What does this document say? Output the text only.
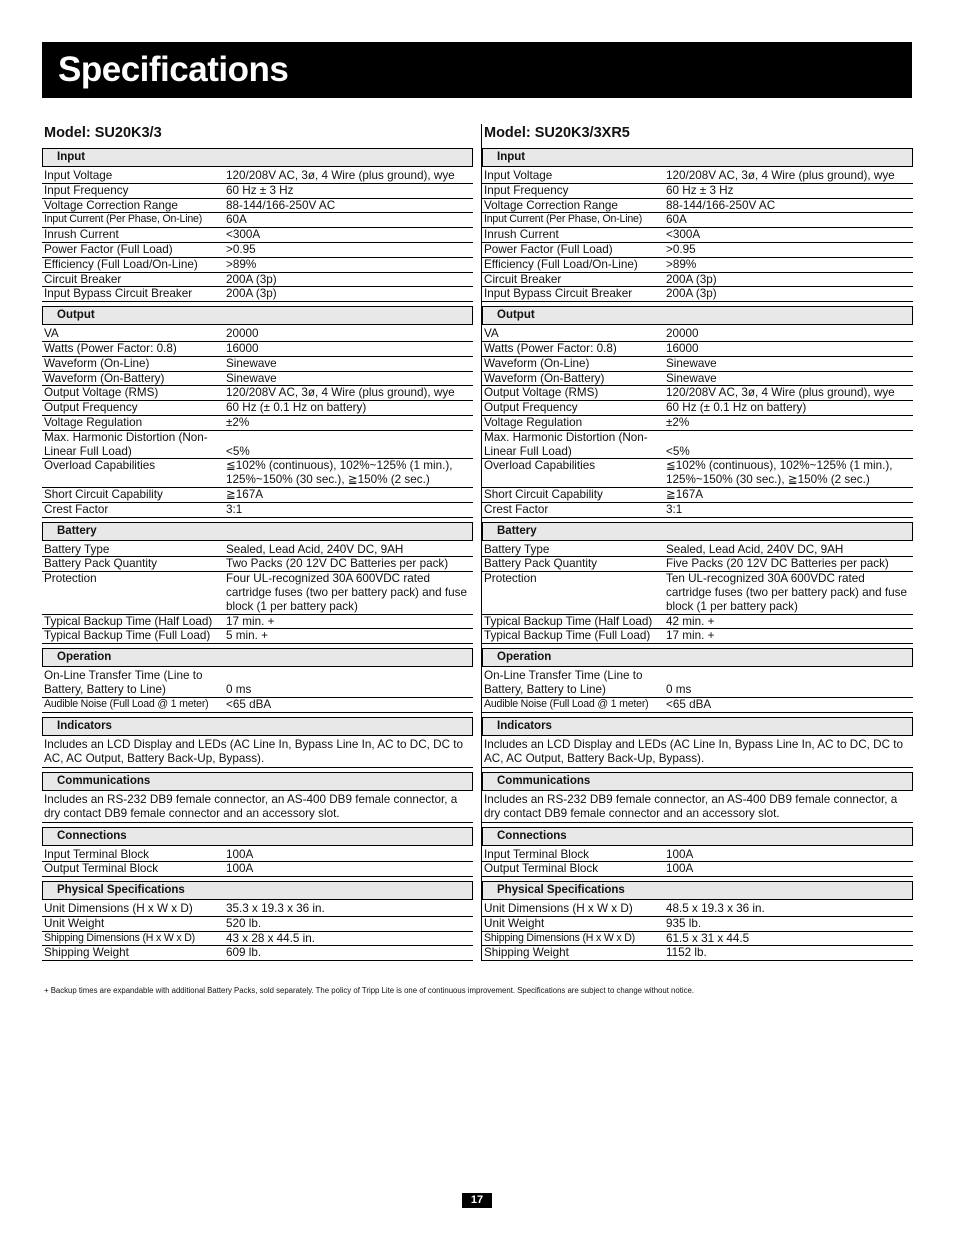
Specifications
Model: SU20K3/3
Input
Input Voltage	120/208V AC, 3ø, 4 Wire (plus ground), wye
Input Frequency	60 Hz ± 3 Hz
Voltage Correction Range	88-144/166-250V AC
Input Current (Per Phase, On-Line)	60A
Inrush Current	<300A
Power Factor (Full Load)	>0.95
Efficiency (Full Load/On-Line)	>89%
Circuit Breaker	200A (3p)
Input Bypass Circuit Breaker	200A (3p)
Output
VA	20000
Watts (Power Factor: 0.8)	16000
Waveform (On-Line)	Sinewave
Waveform (On-Battery)	Sinewave
Output Voltage (RMS)	120/208V AC, 3ø, 4 Wire (plus ground), wye
Output Frequency	60 Hz (± 0.1 Hz on battery)
Voltage Regulation	±2%
Max. Harmonic Distortion (Non-Linear Full Load)	<5%
Overload Capabilities	≦102% (continuous), 102%~125% (1 min.), 125%~150% (30 sec.), ≧150% (2 sec.)
Short Circuit Capability	≧167A
Crest Factor	3:1
Battery
Battery Type	Sealed, Lead Acid, 240V DC, 9AH
Battery Pack Quantity	Two Packs (20 12V DC Batteries per pack)
Protection	Four UL-recognized 30A 600VDC rated cartridge fuses (two per battery pack) and fuse block (1 per battery pack)
Typical Backup Time (Half Load)	17 min. +
Typical Backup Time (Full Load)	5 min. +
Operation
On-Line Transfer Time (Line to Battery, Battery to Line)	0 ms
Audible Noise (Full Load @ 1 meter)	<65 dBA
Indicators
Includes an LCD Display and LEDs (AC Line In, Bypass Line In, AC to DC, DC to AC, AC Output, Battery Back-Up, Bypass).
Communications
Includes an RS-232 DB9 female connector, an AS-400 DB9 female connector, a dry contact DB9 female connector and an accessory slot.
Connections
Input Terminal Block	100A
Output Terminal Block	100A
Physical Specifications
Unit Dimensions (H x W x D)	35.3 x 19.3 x 36 in.
Unit Weight	520 lb.
Shipping Dimensions (H x W x D)	43 x 28 x 44.5 in.
Shipping Weight	609 lb.
Model: SU20K3/3XR5
Input
Input Voltage	120/208V AC, 3ø, 4 Wire (plus ground), wye
Input Frequency	60 Hz ± 3 Hz
Voltage Correction Range	88-144/166-250V AC
Input Current (Per Phase, On-Line)	60A
Inrush Current	<300A
Power Factor (Full Load)	>0.95
Efficiency (Full Load/On-Line)	>89%
Circuit Breaker	200A (3p)
Input Bypass Circuit Breaker	200A (3p)
Output
VA	20000
Watts (Power Factor: 0.8)	16000
Waveform (On-Line)	Sinewave
Waveform (On-Battery)	Sinewave
Output Voltage (RMS)	120/208V AC, 3ø, 4 Wire (plus ground), wye
Output Frequency	60 Hz (± 0.1 Hz on battery)
Voltage Regulation	±2%
Max. Harmonic Distortion (Non-Linear Full Load)	<5%
Overload Capabilities	≦102% (continuous), 102%~125% (1 min.), 125%~150% (30 sec.), ≧150% (2 sec.)
Short Circuit Capability	≧167A
Crest Factor	3:1
Battery
Battery Type	Sealed, Lead Acid, 240V DC, 9AH
Battery Pack Quantity	Five Packs (20 12V DC Batteries per pack)
Protection	Ten UL-recognized 30A 600VDC rated cartridge fuses (two per battery pack) and fuse block (1 per battery pack)
Typical Backup Time (Half Load)	42 min. +
Typical Backup Time (Full Load)	17 min. +
Operation
On-Line Transfer Time (Line to Battery, Battery to Line)	0 ms
Audible Noise (Full Load @ 1 meter)	<65 dBA
Indicators
Includes an LCD Display and LEDs (AC Line In, Bypass Line In, AC to DC, DC to AC, AC Output, Battery Back-Up, Bypass).
Communications
Includes an RS-232 DB9 female connector, an AS-400 DB9 female connector, a dry contact DB9 female connector and an accessory slot.
Connections
Input Terminal Block	100A
Output Terminal Block	100A
Physical Specifications
Unit Dimensions (H x W x D)	48.5 x 19.3 x 36 in.
Unit Weight	935 lb.
Shipping Dimensions (H x W x D)	61.5 x 31 x 44.5
Shipping Weight	1152 lb.
+ Backup times are expandable with additional Battery Packs, sold separately. The policy of Tripp Lite is one of continuous improvement. Specifications are subject to change without notice.
17
